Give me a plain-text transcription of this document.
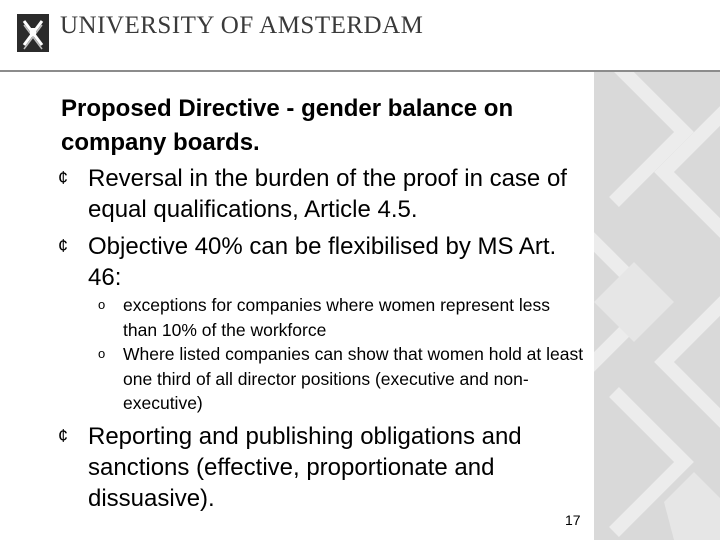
UNIVERSITY OF AMSTERDAM
Proposed Directive - gender balance on company boards.
¢ Reversal in the burden of the proof in case of equal qualifications, Article 4.5.
¢ Objective 40% can be flexibilised by MS Art. 46:
o exceptions for companies where women represent less than 10% of the workforce
o Where listed companies can show that women hold at least one third of all director positions (executive and non-executive)
¢ Reporting and publishing obligations and sanctions (effective, proportionate and dissuasive).
17
